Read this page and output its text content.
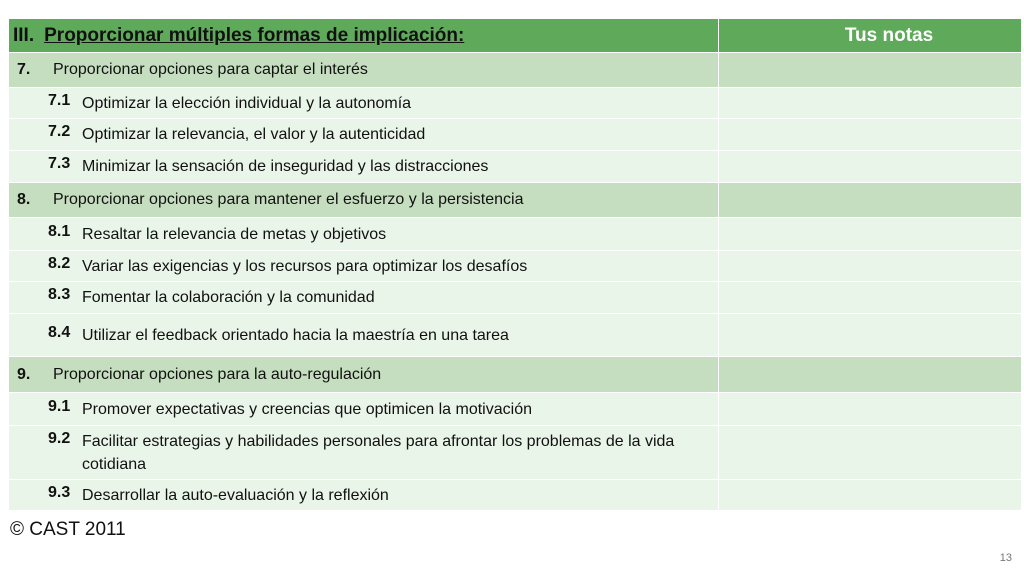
III. Proporcionar múltiples formas de implicación:	Tus notas
7. Proporcionar opciones para captar el interés	

7.1 Optimizar la elección individual y la autonomía	

7.2 Optimizar la relevancia, el valor y la autenticidad	

7.3 Minimizar la sensación de inseguridad y las distracciones	

8. Proporcionar opciones para mantener el esfuerzo y la persistencia	

8.1 Resaltar la relevancia de metas y objetivos	

8.2 Variar las exigencias y los recursos para optimizar los desafíos	

8.3 Fomentar la colaboración y la comunidad	

8.4 Utilizar el feedback orientado hacia la maestría en una tarea	

9. Proporcionar opciones para la auto-regulación	

9.1 Promover expectativas y creencias que optimicen la motivación	

9.2 Facilitar estrategias y habilidades personales para afrontar los problemas de la vida cotidiana	

9.3 Desarrollar la auto-evaluación y la reflexión	

© CAST 2011
13
